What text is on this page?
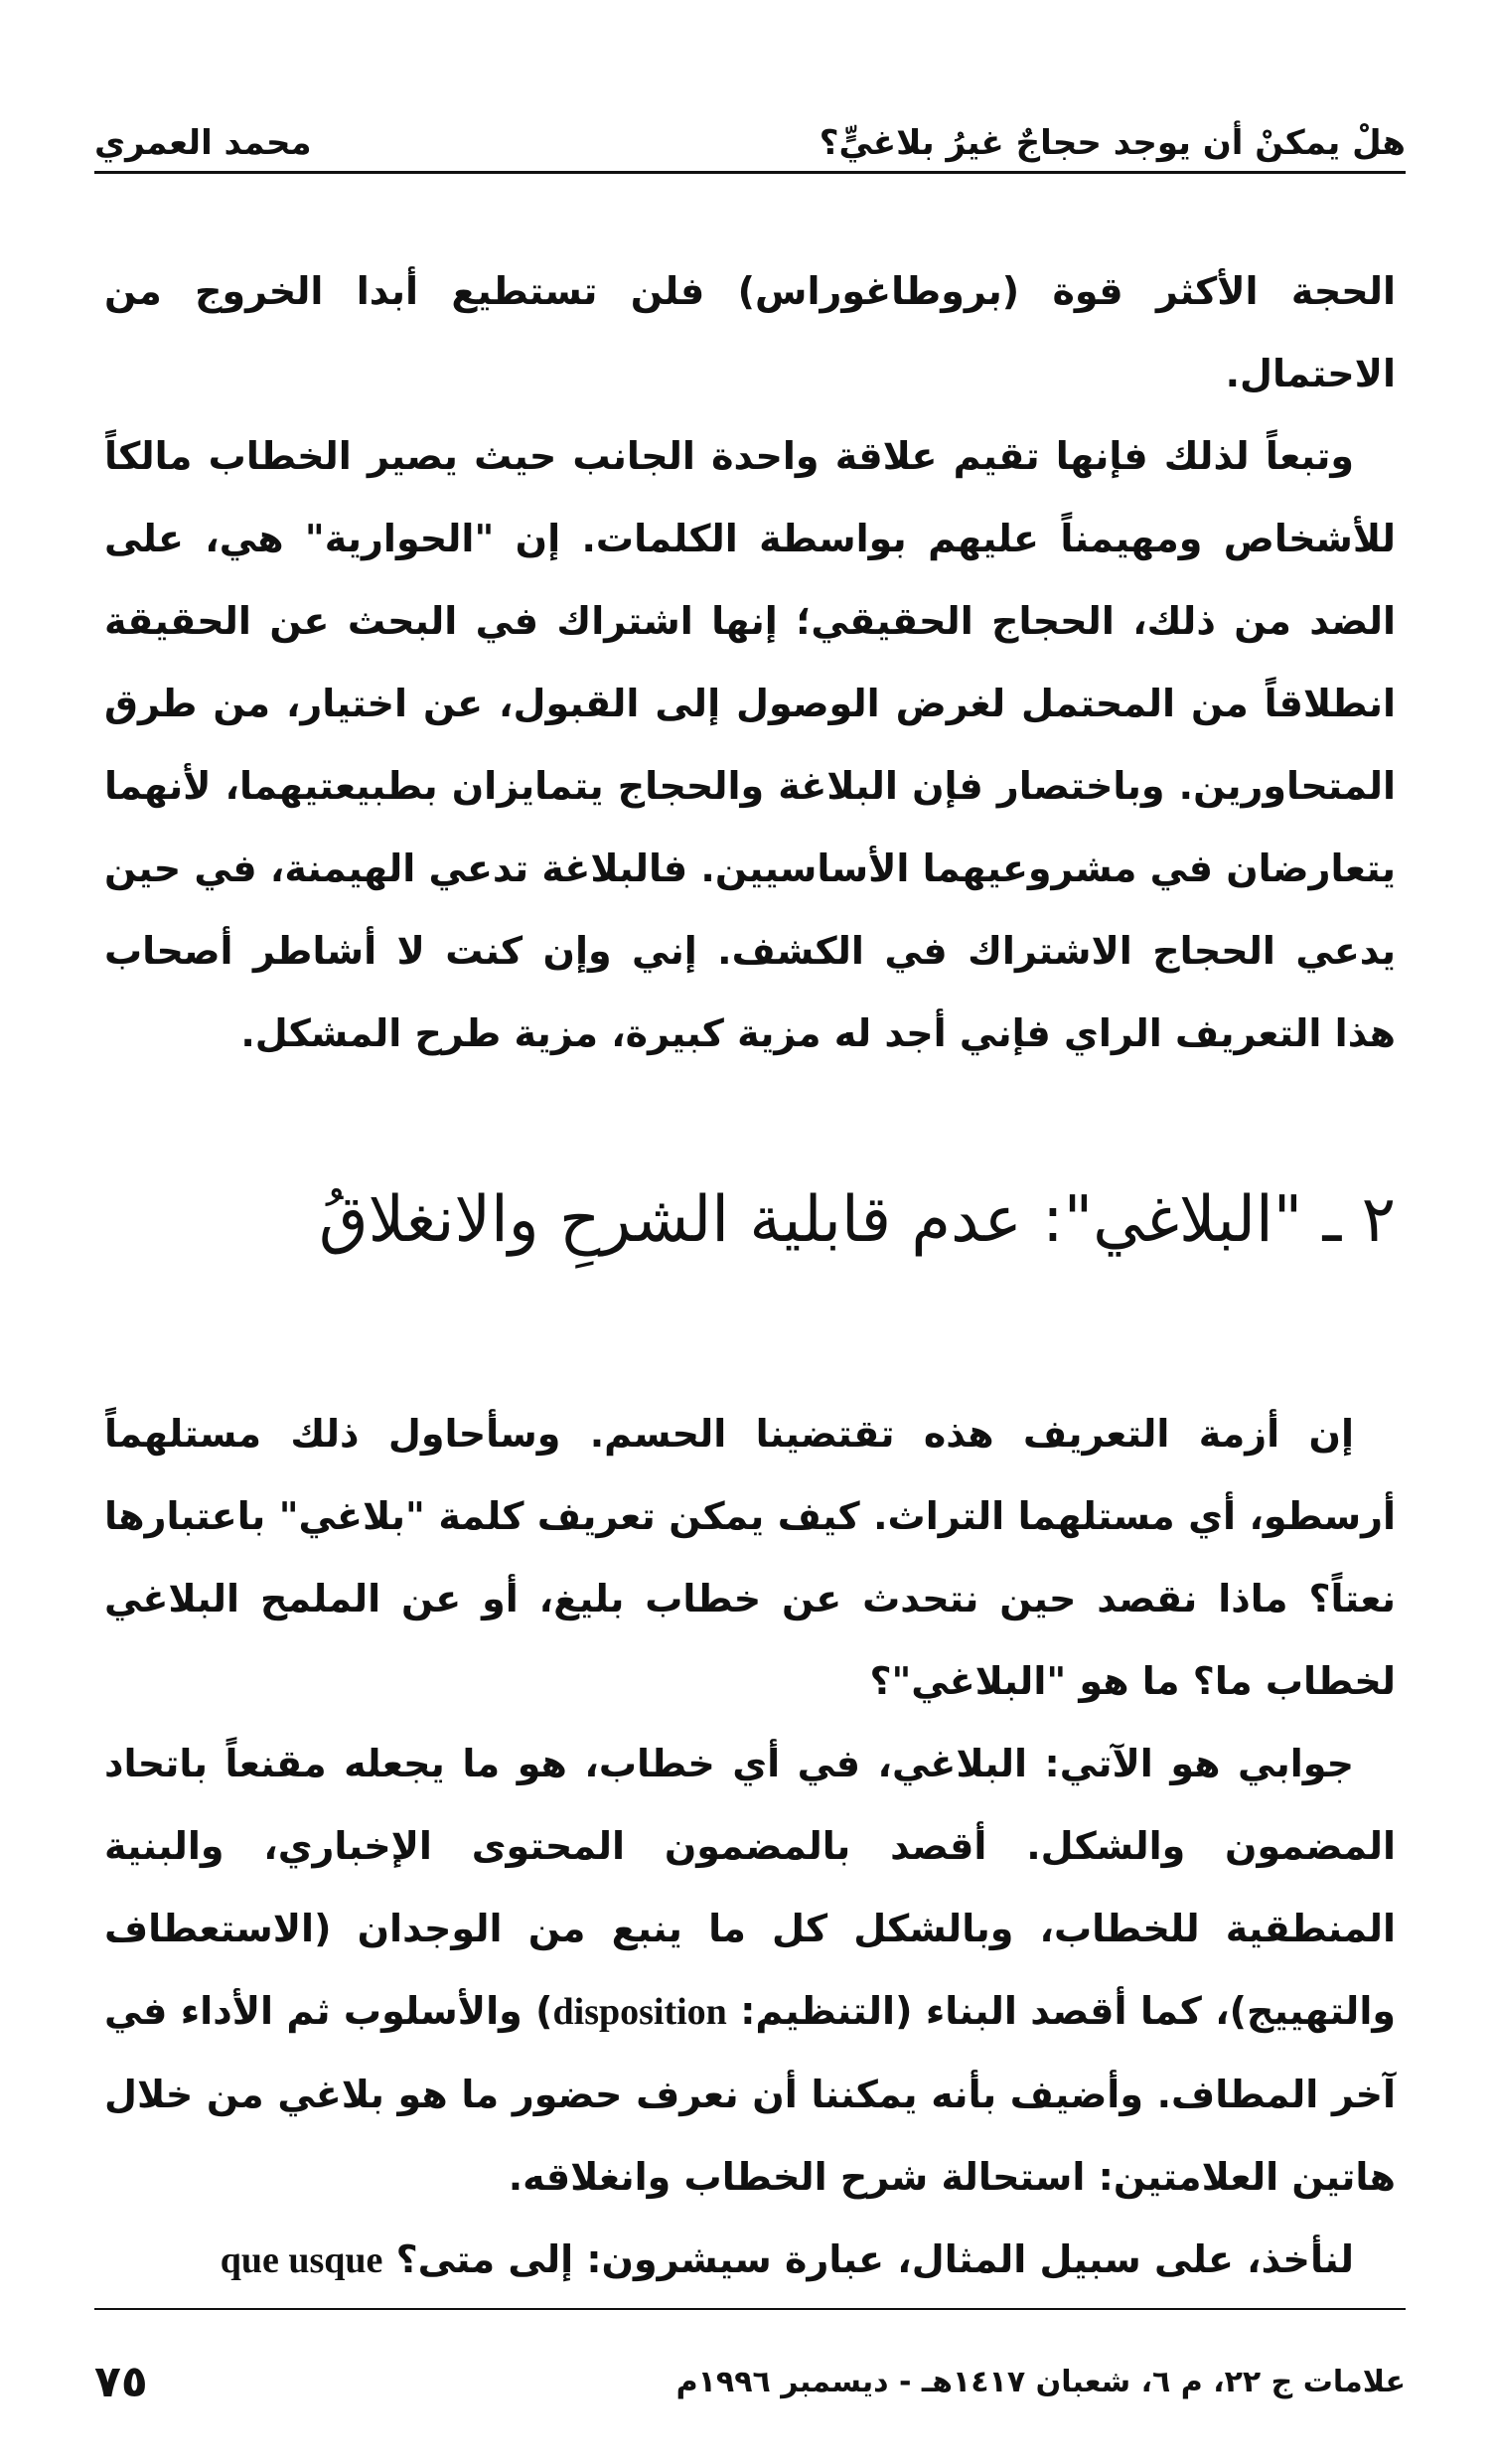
هلْ يمكنْ أن يوجد حجاجٌ غيرُ بلاغيٍّ؟
محمد العمري

الحجة الأكثر قوة (بروطاغوراس) فلن تستطيع أبدا الخروج من الاحتمال.

وتبعاً لذلك فإنها تقيم علاقة واحدة الجانب حيث يصير الخطاب مالكاً للأشخاص ومهيمناً عليهم بواسطة الكلمات. إن "الحوارية" هي، على الضد من ذلك، الحجاج الحقيقي؛ إنها اشتراك في البحث عن الحقيقة انطلاقاً من المحتمل لغرض الوصول إلى القبول، عن اختيار، من طرق المتحاورين. وباختصار فإن البلاغة والحجاج يتمايزان بطبيعتيهما، لأنهما يتعارضان في مشروعيهما الأساسيين. فالبلاغة تدعي الهيمنة، في حين يدعي الحجاج الاشتراك في الكشف. إني وإن كنت لا أشاطر أصحاب هذا التعريف الراي فإني أجد له مزية كبيرة، مزية طرح المشكل.

٢ ـ "البلاغي": عدم قابلية الشرحِ والانغلاقُ

إن أزمة التعريف هذه تقتضينا الحسم. وسأحاول ذلك مستلهماً أرسطو، أي مستلهما التراث. كيف يمكن تعريف كلمة "بلاغي" باعتبارها نعتاً؟ ماذا نقصد حين نتحدث عن خطاب بليغ، أو عن الملمح البلاغي لخطاب ما؟ ما هو "البلاغي"؟

جوابي هو الآتي: البلاغي، في أي خطاب، هو ما يجعله مقنعاً باتحاد المضمون والشكل. أقصد بالمضمون المحتوى الإخباري، والبنية المنطقية للخطاب، وبالشكل كل ما ينبع من الوجدان (الاستعطاف والتهييج)، كما أقصد البناء (التنظيم: disposition) والأسلوب ثم الأداء في آخر المطاف. وأضيف بأنه يمكننا أن نعرف حضور ما هو بلاغي من خلال هاتين العلامتين: استحالة شرح الخطاب وانغلاقه.

لنأخذ، على سبيل المثال، عبارة سيشرون: إلى متى؟ que usque

علامات ج ٢٢، م ٦، شعبان ١٤١٧هـ - ديسمبر ١٩٩٦م
٧٥
